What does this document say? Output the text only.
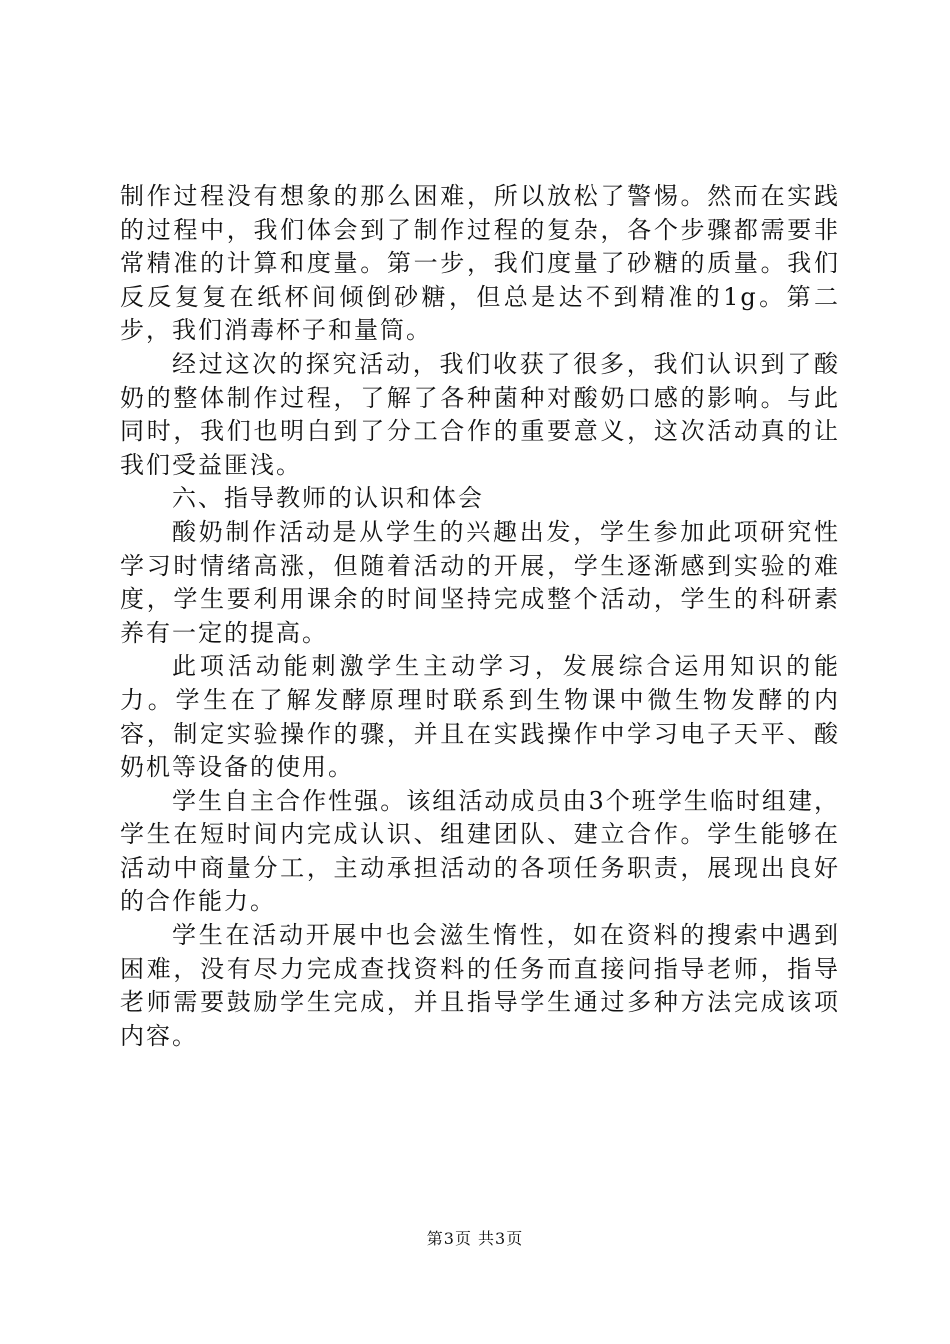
制作过程没有想象的那么困难，所以放松了警惕。然而在实践的过程中，我们体会到了制作过程的复杂，各个步骤都需要非常精准的计算和度量。第一步，我们度量了砂糖的质量。我们反反复复在纸杯间倾倒砂糖，但总是达不到精准的1g。第二步，我们消毒杯子和量筒。

经过这次的探究活动，我们收获了很多，我们认识到了酸奶的整体制作过程，了解了各种菌种对酸奶口感的影响。与此同时，我们也明白到了分工合作的重要意义，这次活动真的让我们受益匪浅。

六、指导教师的认识和体会

酸奶制作活动是从学生的兴趣出发，学生参加此项研究性学习时情绪高涨，但随着活动的开展，学生逐渐感到实验的难度，学生要利用课余的时间坚持完成整个活动，学生的科研素养有一定的提高。

此项活动能刺激学生主动学习，发展综合运用知识的能力。学生在了解发酵原理时联系到生物课中微生物发酵的内容，制定实验操作的骤，并且在实践操作中学习电子天平、酸奶机等设备的使用。

学生自主合作性强。该组活动成员由3个班学生临时组建，学生在短时间内完成认识、组建团队、建立合作。学生能够在活动中商量分工，主动承担活动的各项任务职责，展现出良好的合作能力。

学生在活动开展中也会滋生惰性，如在资料的搜索中遇到困难，没有尽力完成查找资料的任务而直接问指导老师，指导老师需要鼓励学生完成，并且指导学生通过多种方法完成该项内容。

第3页 共3页
